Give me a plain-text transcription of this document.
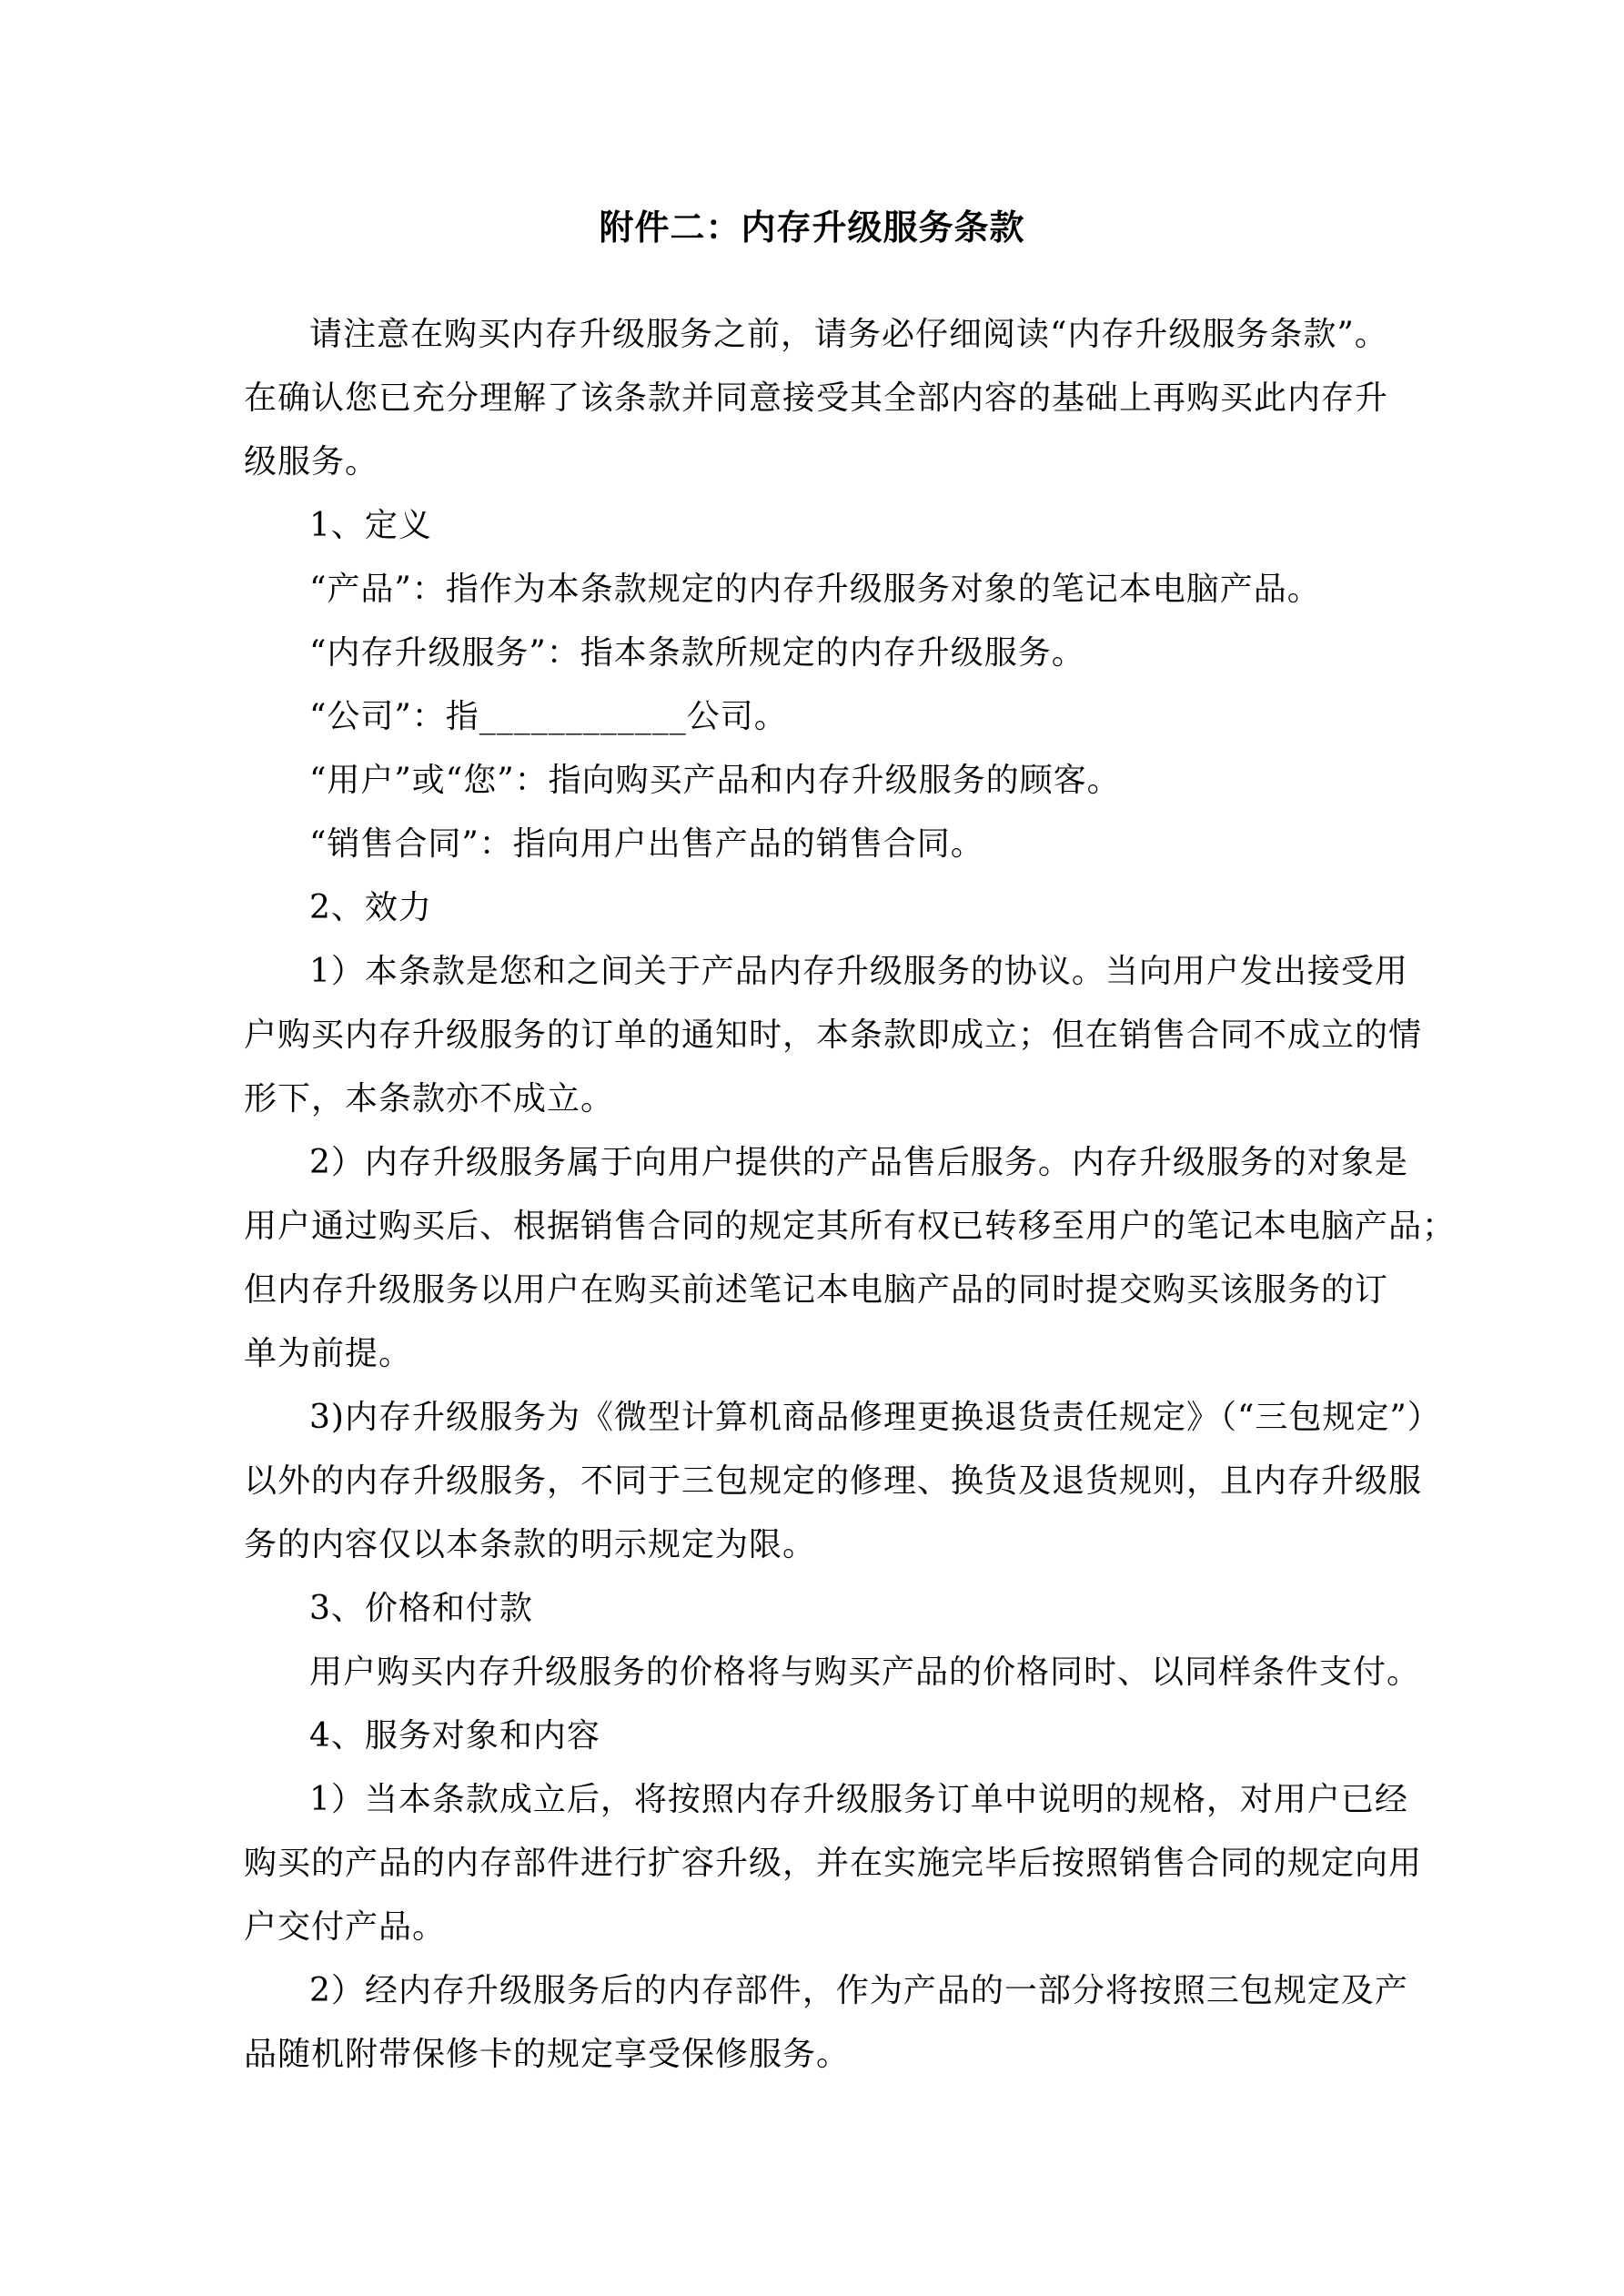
附件二：内存升级服务条款
请注意在购买内存升级服务之前，请务必仔细阅读“内存升级服务条款”。
在确认您已充分理解了该条款并同意接受其全部内容的基础上再购买此内存升
级服务。
1、定义
“产品”：指作为本条款规定的内存升级服务对象的笔记本电脑产品。
“内存升级服务”：指本条款所规定的内存升级服务。
“公司”：指____________公司。
“用户”或“您”：指向购买产品和内存升级服务的顾客。
“销售合同”：指向用户出售产品的销售合同。
2、效力
1）本条款是您和之间关于产品内存升级服务的协议。当向用户发出接受用
户购买内存升级服务的订单的通知时，本条款即成立；但在销售合同不成立的情
形下，本条款亦不成立。
2）内存升级服务属于向用户提供的产品售后服务。内存升级服务的对象是
用户通过购买后、根据销售合同的规定其所有权已转移至用户的笔记本电脑产品；
但内存升级服务以用户在购买前述笔记本电脑产品的同时提交购买该服务的订
单为前提。
3)内存升级服务为《微型计算机商品修理更换退货责任规定》（“三包规定”）
以外的内存升级服务，不同于三包规定的修理、换货及退货规则，且内存升级服
务的内容仅以本条款的明示规定为限。
3、价格和付款
用户购买内存升级服务的价格将与购买产品的价格同时、以同样条件支付。
4、服务对象和内容
1）当本条款成立后，将按照内存升级服务订单中说明的规格，对用户已经
购买的产品的内存部件进行扩容升级，并在实施完毕后按照销售合同的规定向用
户交付产品。
2）经内存升级服务后的内存部件，作为产品的一部分将按照三包规定及产
品随机附带保修卡的规定享受保修服务。
